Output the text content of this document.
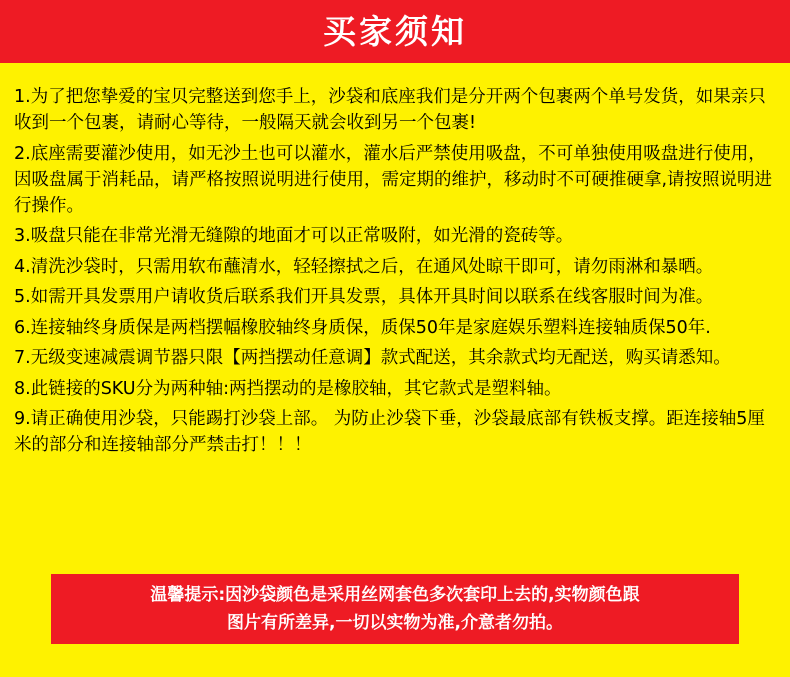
买家须知
1.为了把您挚爱的宝贝完整送到您手上，沙袋和底座我们是分开两个包裹两个单号发货，如果亲只收到一个包裹，请耐心等待，一般隔天就会收到另一个包裹!
2.底座需要灌沙使用，如无沙土也可以灌水，灌水后严禁使用吸盘，不可单独使用吸盘进行使用，因吸盘属于消耗品，请严格按照说明进行使用，需定期的维护，移动时不可硬推硬拿,请按照说明进行操作。
3.吸盘只能在非常光滑无缝隙的地面才可以正常吸附，如光滑的瓷砖等。
4.清洗沙袋时，只需用软布蘸清水，轻轻擦拭之后，在通风处晾干即可，请勿雨淋和暴晒。
5.如需开具发票用户请收货后联系我们开具发票，具体开具时间以联系在线客服时间为准。
6.连接轴终身质保是两档摆幅橡胶轴终身质保，质保50年是家庭娱乐塑料连接轴质保50年.
7.无级变速减震调节器只限【两挡摆动任意调】款式配送，其余款式均无配送，购买请悉知。
8.此链接的SKU分为两种轴:两挡摆动的是橡胶轴，其它款式是塑料轴。
9.请正确使用沙袋，只能踢打沙袋上部。 为防止沙袋下垂，沙袋最底部有铁板支撑。距连接轴5厘米的部分和连接轴部分严禁击打！！！
温馨提示:因沙袋颜色是采用丝网套色多次套印上去的,实物颜色跟
图片有所差异,一切以实物为准,介意者勿拍。
